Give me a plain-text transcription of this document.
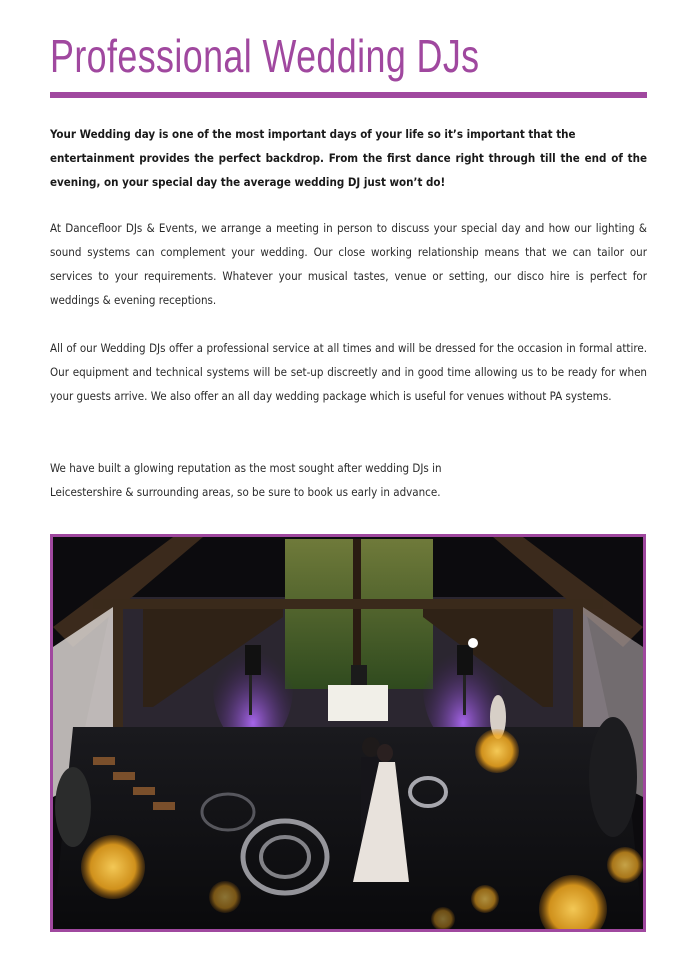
Professional Wedding DJs

Your Wedding day is one of the most important days of your life so it’s important that the
entertainment provides the perfect backdrop. From the first dance right through till the end of the evening, on your special day the average wedding DJ just won’t do!

At Dancefloor DJs & Events, we arrange a meeting in person to discuss your special day and how our lighting & sound systems can complement your wedding. Our close working relationship means that we can tailor our services to your requirements. Whatever your musical tastes, venue or setting, our disco hire is perfect for weddings & evening receptions.

All of our Wedding DJs offer a professional service at all times and will be dressed for the occasion in formal attire. Our equipment and technical systems will be set-up discreetly and in good time allowing us to be ready for when your guests arrive. We also offer an all day wedding package which is useful for venues without PA systems.

We have built a glowing reputation as the most sought after wedding DJs in
Leicestershire & surrounding areas, so be sure to book us early in advance.
